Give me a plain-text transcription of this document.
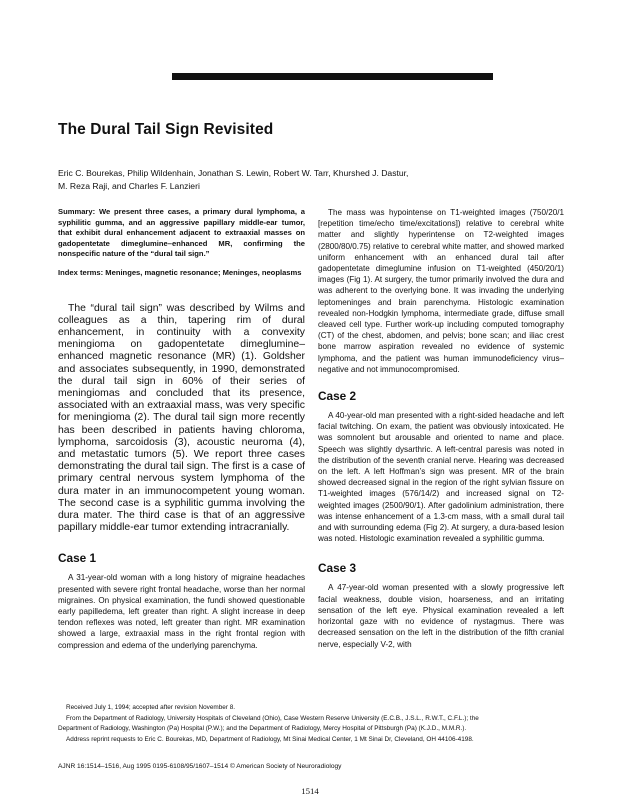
The Dural Tail Sign Revisited
Eric C. Bourekas, Philip Wildenhain, Jonathan S. Lewin, Robert W. Tarr, Khurshed J. Dastur,
M. Reza Raji, and Charles F. Lanzieri

Summary: We present three cases, a primary dural lymphoma, a syphilitic gumma, and an aggressive papillary middle-ear tumor, that exhibit dural enhancement adjacent to extraaxial masses on gadopentetate dimeglumine–enhanced MR, confirming the nonspecific nature of the “dural tail sign.”

Index terms: Meninges, magnetic resonance; Meninges, neoplasms

The “dural tail sign” was described by Wilms and colleagues as a thin, tapering rim of dural enhancement, in continuity with a convexity meningioma on gadopentetate dimeglumine–enhanced magnetic resonance (MR) (1). Goldsher and associates subsequently, in 1990, demonstrated the dural tail sign in 60% of their series of meningiomas and concluded that its presence, associated with an extraaxial mass, was very specific for meningioma (2). The dural tail sign more recently has been described in patients having chloroma, lymphoma, sarcoidosis (3), acoustic neuroma (4), and metastatic tumors (5). We report three cases demonstrating the dural tail sign. The first is a case of primary central nervous system lymphoma of the dura mater in an immunocompetent young woman. The second case is a syphilitic gumma involving the dura mater. The third case is that of an aggressive papillary middle-ear tumor extending intracranially.

Case 1

A 31-year-old woman with a long history of migraine headaches presented with severe right frontal headache, worse than her normal migraines. On physical examination, the fundi showed questionable early papilledema, left greater than right. A slight increase in deep tendon reflexes was noted, left greater than right. MR examination showed a large, extraaxial mass in the right frontal region with compression and edema of the underlying parenchyma.

The mass was hypointense on T1-weighted images (750/20/1 [repetition time/echo time/excitations]) relative to cerebral white matter and slightly hyperintense on T2-weighted images (2800/80/0.75) relative to cerebral white matter, and showed marked uniform enhancement with an enhanced dural tail after gadopentetate dimeglumine infusion on T1-weighted (450/20/1) images (Fig 1). At surgery, the tumor primarily involved the dura and was adherent to the overlying bone. It was invading the underlying leptomeninges and brain parenchyma. Histologic examination revealed non-Hodgkin lymphoma, intermediate grade, diffuse small cleaved cell type. Further work-up including computed tomography (CT) of the chest, abdomen, and pelvis; bone scan; and iliac crest bone marrow aspiration revealed no evidence of systemic lymphoma, and the patient was human immunodeficiency virus–negative and not immunocompromised.

Case 2

A 40-year-old man presented with a right-sided headache and left facial twitching. On exam, the patient was obviously intoxicated. He was somnolent but arousable and oriented to name and place. Speech was slightly dysarthric. A left-central paresis was noted in the distribution of the seventh cranial nerve. Hearing was decreased on the left. A left Hoffman’s sign was present. MR of the brain showed decreased signal in the region of the right sylvian fissure on T1-weighted images (576/14/2) and increased signal on T2-weighted images (2500/90/1). After gadolinium administration, there was intense enhancement of a 1.3-cm mass, with a small dural tail and with surrounding edema (Fig 2). At surgery, a dura-based lesion was noted. Histologic examination revealed a syphilitic gumma.

Case 3

A 47-year-old woman presented with a slowly progressive left facial weakness, double vision, hoarseness, and an irritating sensation of the left eye. Physical examination revealed a left horizontal gaze with no evidence of nystagmus. There was decreased sensation on the left in the distribution of the fifth cranial nerve, especially V-2, with

Received July 1, 1994; accepted after revision November 8.

From the Department of Radiology, University Hospitals of Cleveland (Ohio), Case Western Reserve University (E.C.B., J.S.L., R.W.T., C.F.L.); the

Department of Radiology, Washington (Pa) Hospital (P.W.); and the Department of Radiology, Mercy Hospital of Pittsburgh (Pa) (K.J.D., M.M.R.).

Address reprint requests to Eric C. Bourekas, MD, Department of Radiology, Mt Sinai Medical Center, 1 Mt Sinai Dr, Cleveland, OH 44106-4198.

AJNR 16:1514–1516, Aug 1995 0195-6108/95/1607–1514 © American Society of Neuroradiology
1514
